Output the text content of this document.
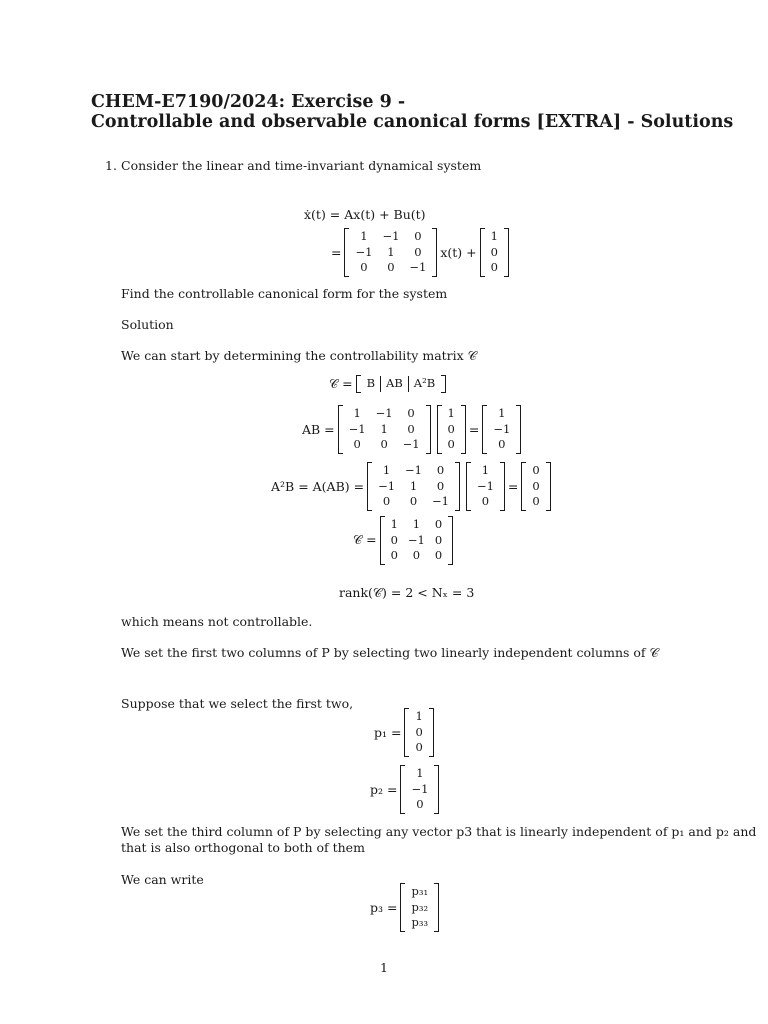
CHEM-E7190/2024: Exercise 9 -
Controllable and observable canonical forms [EXTRA] - Solutions
1. Consider the linear and time-invariant dynamical system
ẋ(t) = Ax(t) + Bu(t)
=
1	−1	0
−1	1	0
0	0	−1
x(t) +
1
0
0
Find the controllable canonical form for the system
Solution
We can start by determining the controllability matrix 𝒞
𝒞 =	B AB A²B
AB =
1	−1	0
−1	1	0
0	0	−1
1
0
0
=
1
−1
0
A²B = A(AB) =
1	−1	0
−1	1	0
0	0	−1
1
−1
0
=
0
0
0
𝒞 =
1	1	0
0 −1 0
0	0	0
rank(𝒞) = 2 < Nₓ = 3
which means not controllable.
We set the first two columns of P by selecting two linearly independent columns of 𝒞
Suppose that we select the first two,
p₁ =
1
0
0
p₂ =
1
−1
0
We set the third column of P by selecting any vector p3 that is linearly independent of p₁ and p₂ and
that is also orthogonal to both of them
We can write
p₃ =
p₃₁
p₃₂
p₃₃
1
